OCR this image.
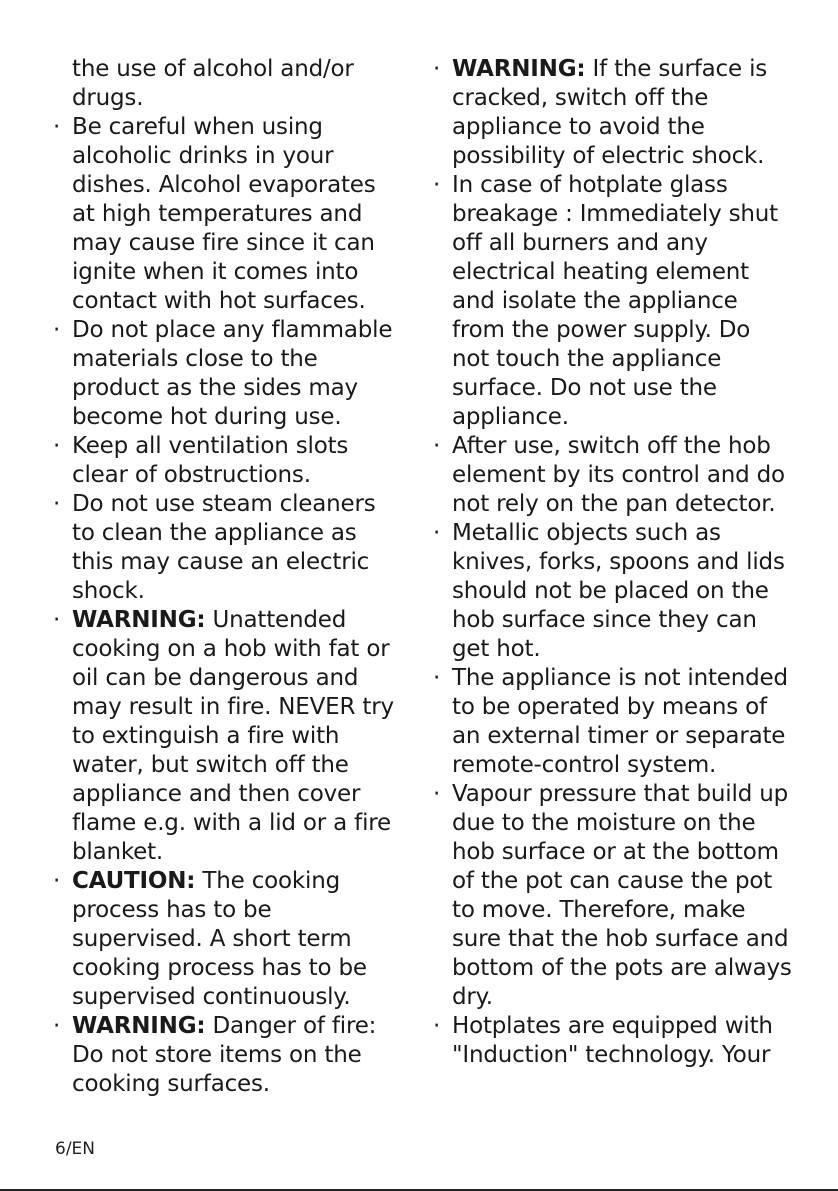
the use of alcohol and/or drugs.

· Be careful when using alcoholic drinks in your dishes. Alcohol evaporates at high temperatures and may cause fire since it can ignite when it comes into contact with hot surfaces.

· Do not place any flammable materials close to the product as the sides may become hot during use.

· Keep all ventilation slots clear of obstructions.

· Do not use steam cleaners to clean the appliance as this may cause an electric shock.

· WARNING: Unattended cooking on a hob with fat or oil can be dangerous and may result in fire. NEVER try to extinguish a fire with water, but switch off the appliance and then cover flame e.g. with a lid or a fire blanket.

· CAUTION: The cooking process has to be supervised. A short term cooking process has to be supervised continuously.

· WARNING: Danger of fire: Do not store items on the cooking surfaces.

· WARNING: If the surface is cracked, switch off the appliance to avoid the possibility of electric shock.

· In case of hotplate glass breakage : Immediately shut off all burners and any electrical heating element and isolate the appliance from the power supply. Do not touch the appliance surface. Do not use the appliance.

· After use, switch off the hob element by its control and do not rely on the pan detector.

· Metallic objects such as knives, forks, spoons and lids should not be placed on the hob surface since they can get hot.

· The appliance is not intended to be operated by means of an external timer or separate remote-control system.

· Vapour pressure that build up due to the moisture on the hob surface or at the bottom of the pot can cause the pot to move. Therefore, make sure that the hob surface and bottom of the pots are always dry.

· Hotplates are equipped with "Induction" technology. Your

6/EN
